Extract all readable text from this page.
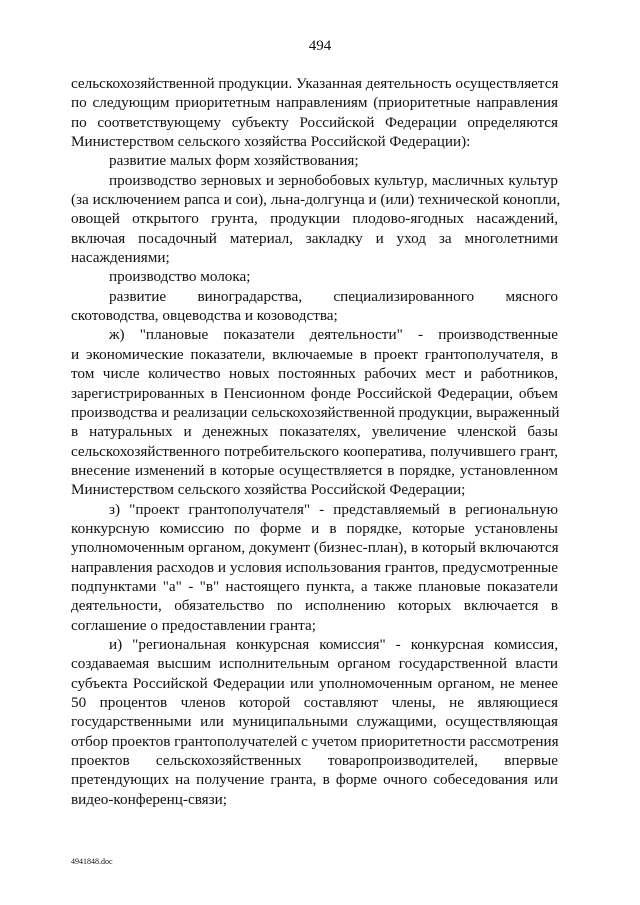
494
сельскохозяйственной продукции. Указанная деятельность осуществляется
по следующим приоритетным направлениям (приоритетные направления
по соответствующему субъекту Российской Федерации определяются
Министерством сельского хозяйства Российской Федерации):
развитие малых форм хозяйствования;
производство зерновых и зернобобовых культур, масличных культур
(за исключением рапса и сои), льна-долгунца и (или) технической конопли,
овощей открытого грунта, продукции плодово-ягодных насаждений,
включая посадочный материал, закладку и уход за многолетними
насаждениями;
производство молока;
развитие виноградарства, специализированного мясного
скотоводства, овцеводства и козоводства;
ж) "плановые показатели деятельности" - производственные
и экономические показатели, включаемые в проект грантополучателя, в
том числе количество новых постоянных рабочих мест и работников,
зарегистрированных в Пенсионном фонде Российской Федерации, объем
производства и реализации сельскохозяйственной продукции, выраженный
в натуральных и денежных показателях, увеличение членской базы
сельскохозяйственного потребительского кооператива, получившего грант,
внесение изменений в которые осуществляется в порядке, установленном
Министерством сельского хозяйства Российской Федерации;
з) "проект грантополучателя" - представляемый в региональную
конкурсную комиссию по форме и в порядке, которые установлены
уполномоченным органом, документ (бизнес-план), в который включаются
направления расходов и условия использования грантов, предусмотренные
подпунктами "а" - "в" настоящего пункта, а также плановые показатели
деятельности, обязательство по исполнению которых включается в
соглашение о предоставлении гранта;
и) "региональная конкурсная комиссия" - конкурсная комиссия,
создаваемая высшим исполнительным органом государственной власти
субъекта Российской Федерации или уполномоченным органом, не менее
50 процентов членов которой составляют члены, не являющиеся
государственными или муниципальными служащими, осуществляющая
отбор проектов грантополучателей с учетом приоритетности рассмотрения
проектов сельскохозяйственных товаропроизводителей, впервые
претендующих на получение гранта, в форме очного собеседования или
видео-конференц-связи;
4941848.doc
